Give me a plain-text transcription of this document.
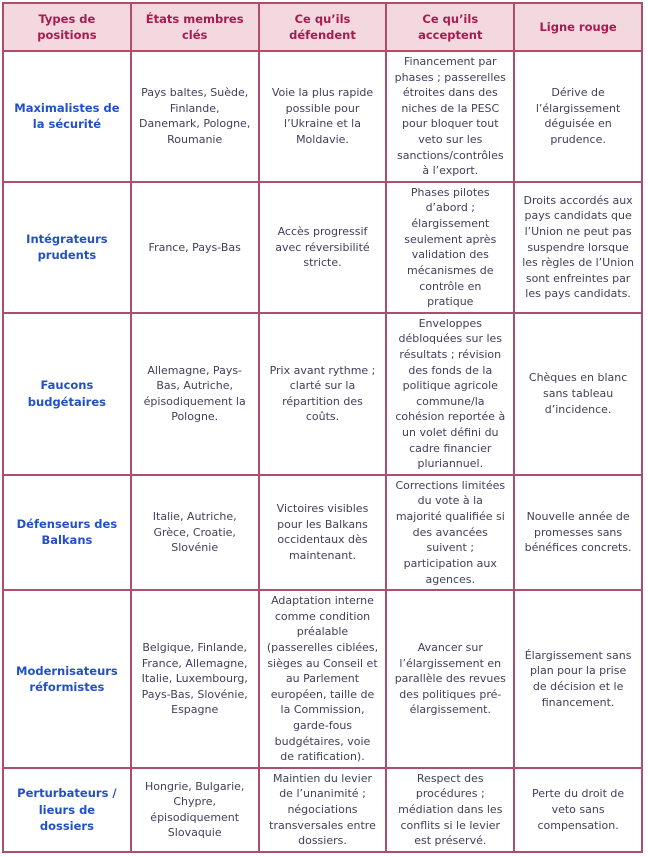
Types de positions	États membres clés	Ce qu’ils défendent	Ce qu’ils acceptent	Ligne rouge
Maximalistes de la sécurité	Pays baltes, Suède, Finlande, Danemark, Pologne, Roumanie	Voie la plus rapide possible pour l’Ukraine et la Moldavie.	Financement par phases ; passerelles étroites dans des niches de la PESC pour bloquer tout veto sur les sanctions/contrôles à l’export.	Dérive de l’élargissement déguisée en prudence.
Intégrateurs prudents	France, Pays-Bas	Accès progressif avec réversibilité stricte.	Phases pilotes d’abord ; élargissement seulement après validation des mécanismes de contrôle en pratique	Droits accordés aux pays candidats que l’Union ne peut pas suspendre lorsque les règles de l’Union sont enfreintes par les pays candidats.
Faucons budgétaires	Allemagne, Pays-Bas, Autriche, épisodiquement la Pologne.	Prix avant rythme ; clarté sur la répartition des coûts.	Enveloppes débloquées sur les résultats ; révision des fonds de la politique agricole commune/la cohésion reportée à un volet défini du cadre financier pluriannuel.	Chèques en blanc sans tableau d’incidence.
Défenseurs des Balkans	Italie, Autriche, Grèce, Croatie, Slovénie	Victoires visibles pour les Balkans occidentaux dès maintenant.	Corrections limitées du vote à la majorité qualifiée si des avancées suivent ; participation aux agences.	Nouvelle année de promesses sans bénéfices concrets.
Modernisateurs réformistes	Belgique, Finlande, France, Allemagne, Italie, Luxembourg, Pays-Bas, Slovénie, Espagne	Adaptation interne comme condition préalable (passerelles ciblées, sièges au Conseil et au Parlement européen, taille de la Commission, garde-fous budgétaires, voie de ratification).	Avancer sur l’élargissement en parallèle des revues des politiques pré-élargissement.	Élargissement sans plan pour la prise de décision et le financement.
Perturbateurs / lieurs de dossiers	Hongrie, Bulgarie, Chypre, épisodiquement Slovaquie	Maintien du levier de l’unanimité ; négociations transversales entre dossiers.	Respect des procédures ; médiation dans les conflits si le levier est préservé.	Perte du droit de veto sans compensation.
